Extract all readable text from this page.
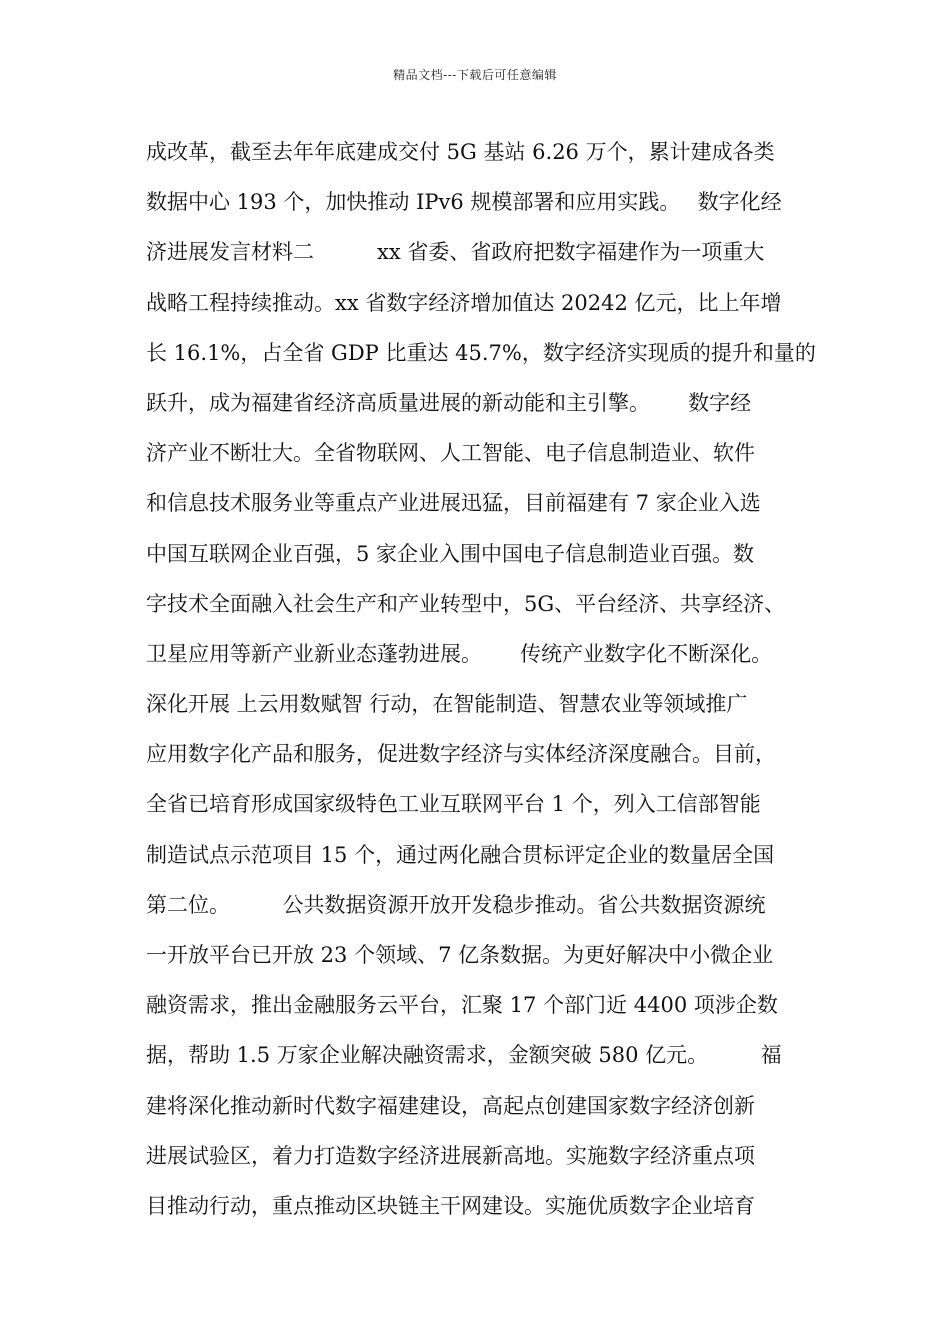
精品文档---下载后可任意编辑
成改革，截至去年年底建成交付 5G 基站 6.26 万个，累计建成各类
数据中心 193 个，加快推动 IPv6 规模部署和应用实践。　 数字化经
济进展发言材料二　　　xx 省委、省政府把数字福建作为一项重大
战略工程持续推动。xx 省数字经济增加值达 20242 亿元，比上年增
长 16.1%，占全省 GDP 比重达 45.7%，数字经济实现质的提升和量的
跃升，成为福建省经济高质量进展的新动能和主引擎。　　 数字经
济产业不断壮大。全省物联网、人工智能、电子信息制造业、软件
和信息技术服务业等重点产业进展迅猛，目前福建有 7 家企业入选
中国互联网企业百强，5 家企业入围中国电子信息制造业百强。数
字技术全面融入社会生产和产业转型中，5G、平台经济、共享经济、
卫星应用等新产业新业态蓬勃进展。　　 传统产业数字化不断深化。
深化开展 上云用数赋智 行动，在智能制造、智慧农业等领域推广
应用数字化产品和服务，促进数字经济与实体经济深度融合。目前，
全省已培育形成国家级特色工业互联网平台 1 个，列入工信部智能
制造试点示范项目 15 个，通过两化融合贯标评定企业的数量居全国
第二位。　　　公共数据资源开放开发稳步推动。省公共数据资源统
一开放平台已开放 23 个领域、7 亿条数据。为更好解决中小微企业
融资需求，推出金融服务云平台，汇聚 17 个部门近 4400 项涉企数
据，帮助 1.5 万家企业解决融资需求，金额突破 580 亿元。　　　福
建将深化推动新时代数字福建建设，高起点创建国家数字经济创新
进展试验区，着力打造数字经济进展新高地。实施数字经济重点项
目推动行动，重点推动区块链主干网建设。实施优质数字企业培育
